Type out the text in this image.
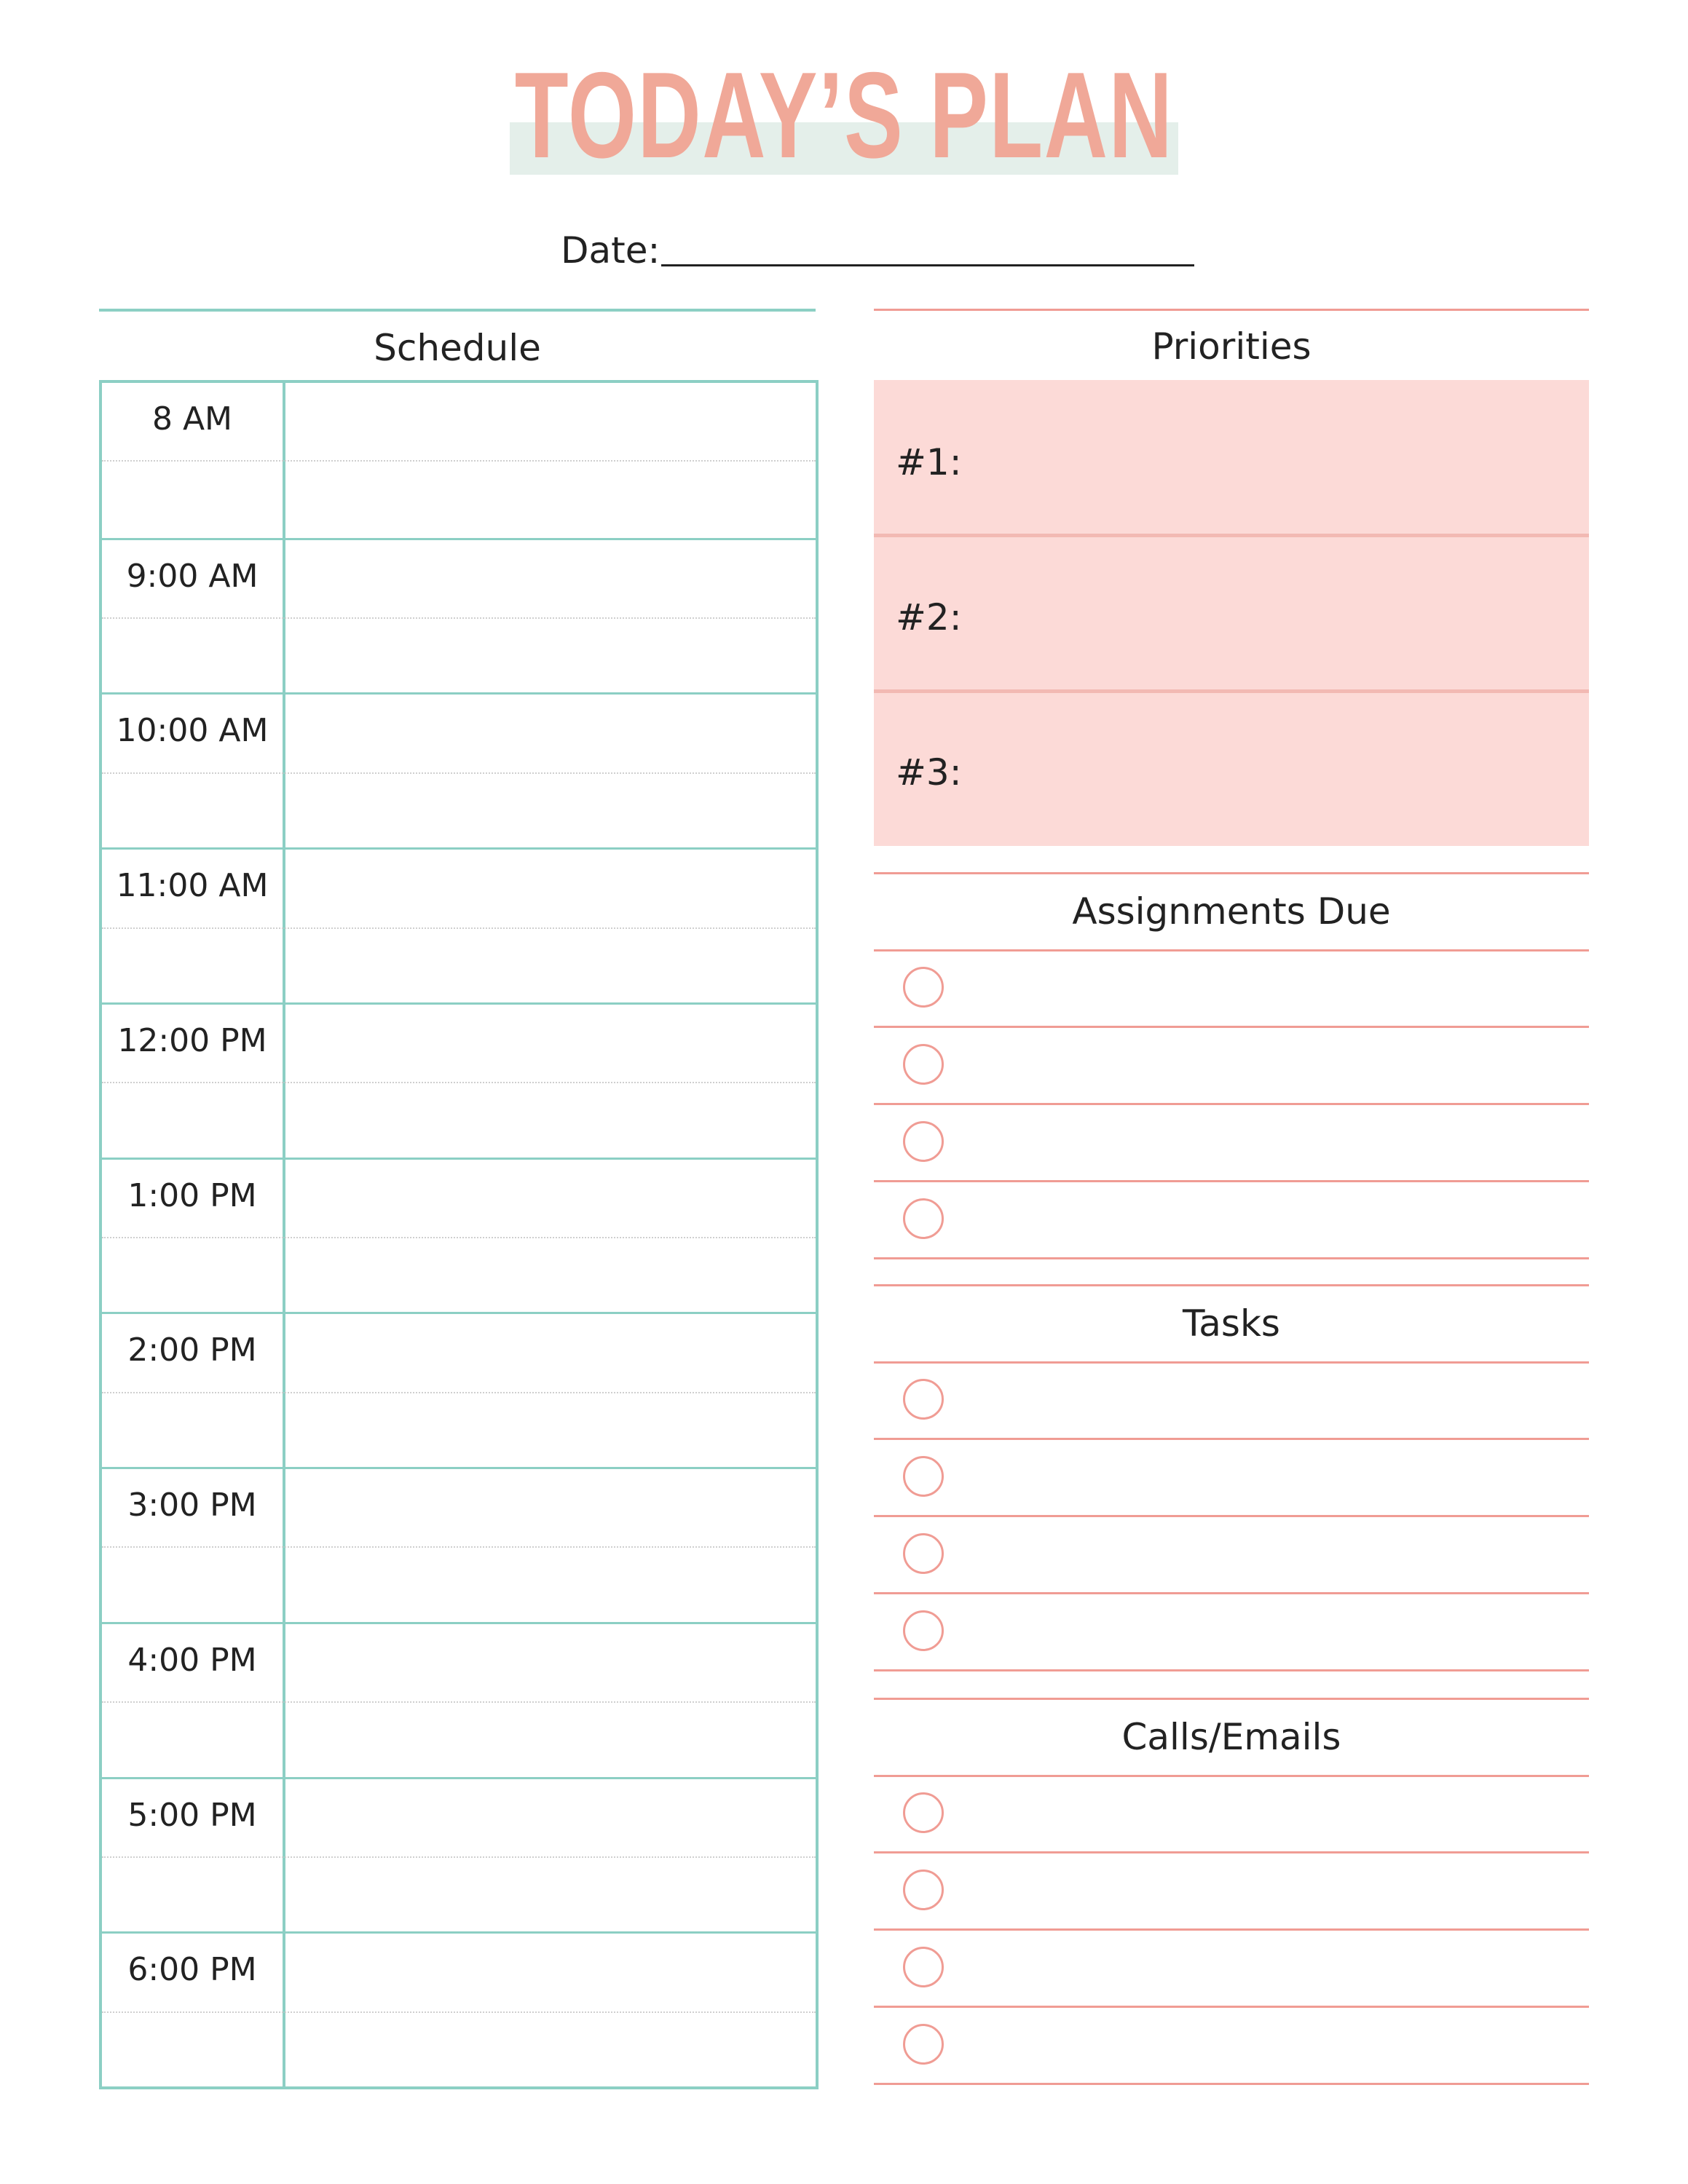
TODAY’S PLAN
Date:
Schedule
8 AM
9:00 AM
10:00 AM
11:00 AM
12:00 PM
1:00 PM
2:00 PM
3:00 PM
4:00 PM
5:00 PM
6:00 PM
Priorities
#1:
#2:
#3:
Assignments Due
Tasks
Calls/Emails
